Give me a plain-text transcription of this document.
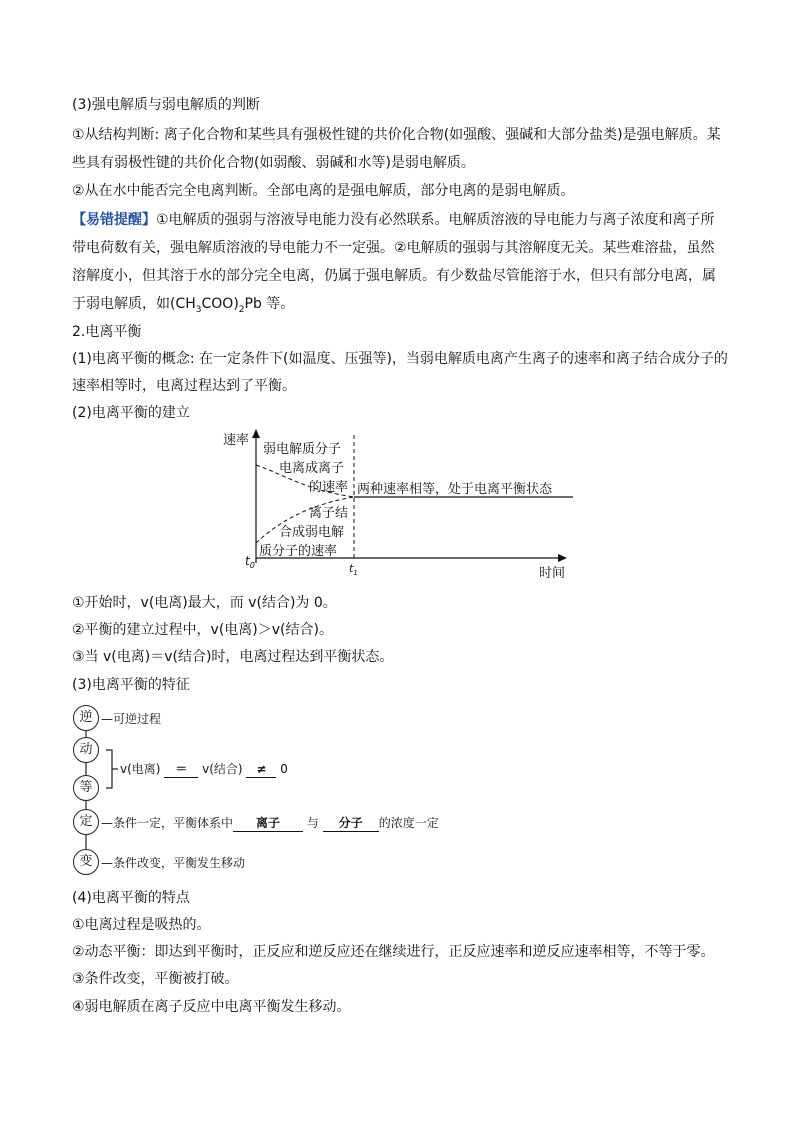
(3)强电解质与弱电解质的判断
①从结构判断: 离子化合物和某些具有强极性键的共价化合物(如强酸、强碱和大部分盐类)是强电解质。某
些具有弱极性键的共价化合物(如弱酸、弱碱和水等)是弱电解质。
②从在水中能否完全电离判断。全部电离的是强电解质，部分电离的是弱电解质。
【易错提醒】①电解质的强弱与溶液导电能力没有必然联系。电解质溶液的导电能力与离子浓度和离子所
带电荷数有关，强电解质溶液的导电能力不一定强。②电解质的强弱与其溶解度无关。某些难溶盐，虽然
溶解度小，但其溶于水的部分完全电离，仍属于强电解质。有少数盐尽管能溶于水，但只有部分电离，属
于弱电解质，如$(CH_3COO)_2Pb$ 等。
2.电离平衡
(1)电离平衡的概念: 在一定条件下(如温度、压强等)，当弱电解质电离产生离子的速率和离子结合成分子的
速率相等时，电离过程达到了平衡。
(2)电离平衡的建立
速率
时间
$t_0$	$t_1$
弱电解质分子
电离成离子
的速率
离子结
合成弱电解
质分子的速率
两种速率相等，处于电离平衡状态
①开始时，v(电离)最大，而 v(结合)为 0。
②平衡的建立过程中，v(电离)＞v(结合)。
③当 v(电离)＝v(结合)时，电离过程达到平衡状态。
(3)电离平衡的特征
逆 —可逆过程
动
等
v(电离) ＝ v(结合) ≠ 0
定 —条件一定，平衡体系中 离子 与 分子 的浓度一定
变 —条件改变，平衡发生移动
(4)电离平衡的特点
①电离过程是吸热的。
②动态平衡：即达到平衡时，正反应和逆反应还在继续进行，正反应速率和逆反应速率相等，不等于零。
③条件改变，平衡被打破。
④弱电解质在离子反应中电离平衡发生移动。
